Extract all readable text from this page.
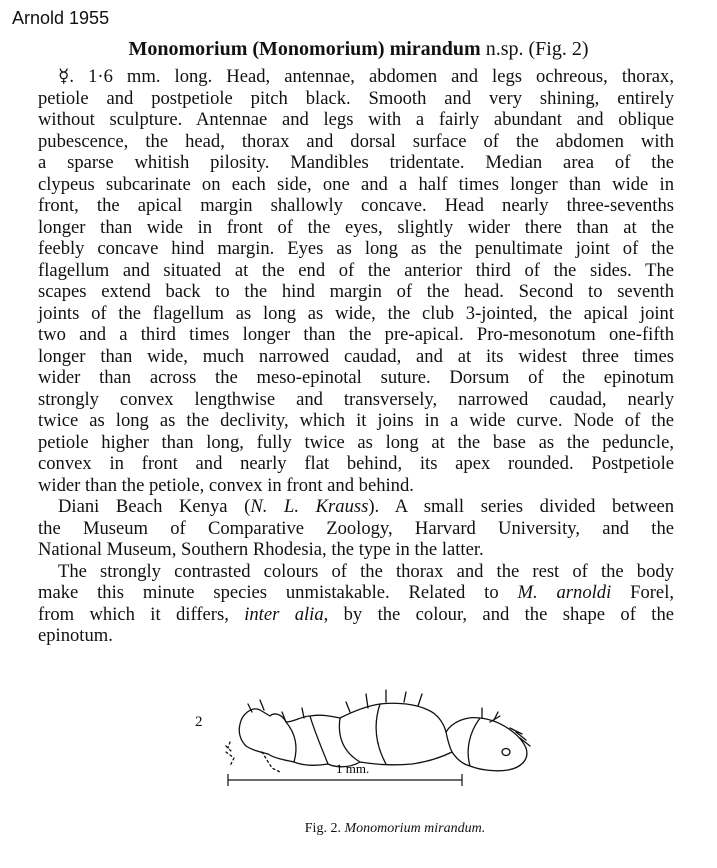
Arnold 1955
Monomorium (Monomorium) mirandum n.sp. (Fig. 2)
☿. 1·6 mm. long. Head, antennae, abdomen and legs ochreous, thorax,
petiole and postpetiole pitch black. Smooth and very shining, entirely
without sculpture. Antennae and legs with a fairly abundant and oblique
pubescence, the head, thorax and dorsal surface of the abdomen with
a sparse whitish pilosity. Mandibles tridentate. Median area of the
clypeus subcarinate on each side, one and a half times longer than wide in
front, the apical margin shallowly concave. Head nearly three-sevenths
longer than wide in front of the eyes, slightly wider there than at the
feebly concave hind margin. Eyes as long as the penultimate joint of the
flagellum and situated at the end of the anterior third of the sides. The
scapes extend back to the hind margin of the head. Second to seventh
joints of the flagellum as long as wide, the club 3-jointed, the apical joint
two and a third times longer than the pre-apical. Pro-mesonotum one-fifth
longer than wide, much narrowed caudad, and at its widest three times
wider than across the meso-epinotal suture. Dorsum of the epinotum
strongly convex lengthwise and transversely, narrowed caudad, nearly
twice as long as the declivity, which it joins in a wide curve. Node of the
petiole higher than long, fully twice as long at the base as the peduncle,
convex in front and nearly flat behind, its apex rounded. Postpetiole
wider than the petiole, convex in front and behind.
Diani Beach Kenya (N. L. Krauss). A small series divided between
the Museum of Comparative Zoology, Harvard University, and the
National Museum, Southern Rhodesia, the type in the latter.
The strongly contrasted colours of the thorax and the rest of the body
make this minute species unmistakable. Related to M. arnoldi Forel,
from which it differs, inter alia, by the colour, and the shape of the
epinotum.
2
1 mm.
Fig. 2. Monomorium mirandum.
